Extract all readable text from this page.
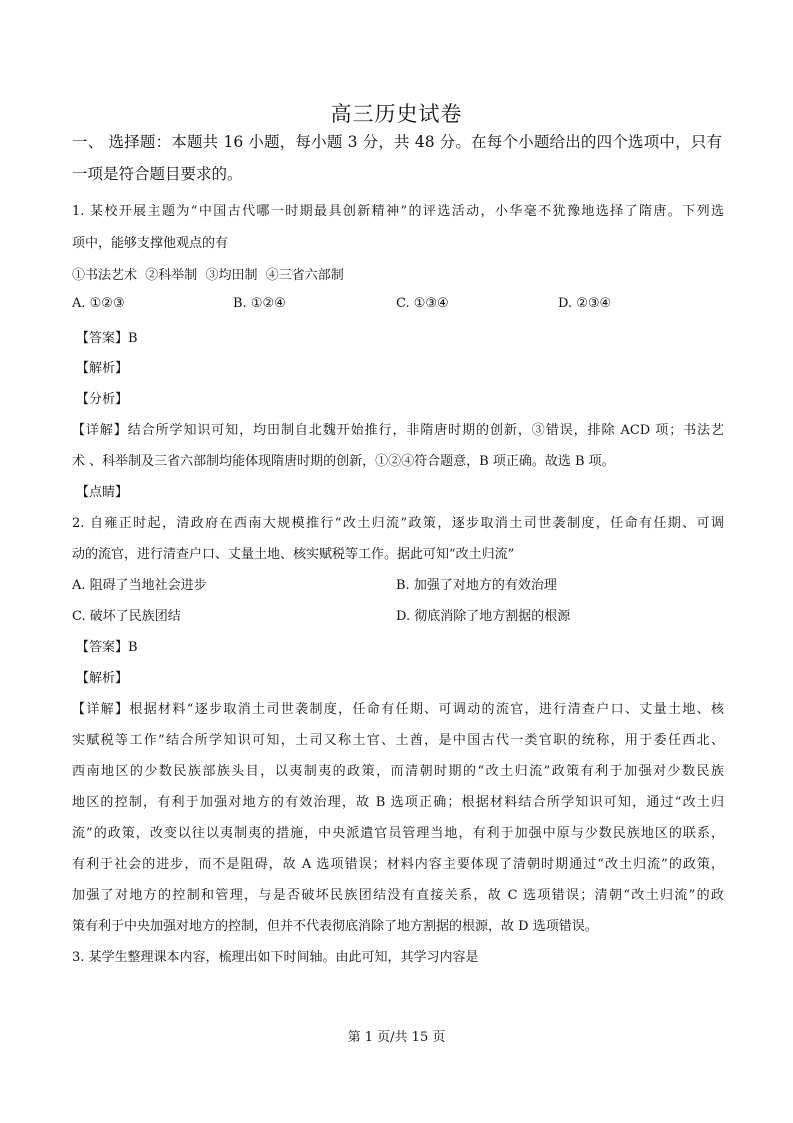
高三历史试卷
一、 选择题：本题共 16 小题，每小题 3 分，共 48 分。在每个小题给出的四个选项中，只有
一项是符合题目要求的。
1. 某校开展主题为“中国古代哪一时期最具创新精神”的评选活动，小华毫不犹豫地选择了隋唐。下列选
项中，能够支撑他观点的有
①书法艺术  ②科举制  ③均田制  ④三省六部制
A. ①②③	B. ①②④	C. ①③④	D. ②③④
【答案】B
【解析】
【分析】
【详解】结合所学知识可知，均田制自北魏开始推行，非隋唐时期的创新，③错误，排除 ACD 项；书法艺
术 、科举制及三省六部制均能体现隋唐时期的创新，①②④符合题意，B 项正确。故选 B 项。
【点睛】
2. 自雍正时起，清政府在西南大规模推行“改土归流”政策，逐步取消土司世袭制度，任命有任期、可调
动的流官，进行清查户口、丈量土地、核实赋税等工作。据此可知“改土归流”
A. 阻碍了当地社会进步	B. 加强了对地方的有效治理
C. 破坏了民族团结	D. 彻底消除了地方割据的根源
【答案】B
【解析】
【详解】根据材料“逐步取消土司世袭制度，任命有任期、可调动的流官，进行清查户口、丈量土地、核
实赋税等工作”结合所学知识可知，土司又称土官、土酋，是中国古代一类官职的统称，用于委任西北、
西南地区的少数民族部族头目，以夷制夷的政策，而清朝时期的“改土归流”政策有利于加强对少数民族
地区的控制，有利于加强对地方的有效治理，故 B 选项正确；根据材料结合所学知识可知，通过“改土归
流”的政策，改变以往以夷制夷的措施，中央派遣官员管理当地，有利于加强中原与少数民族地区的联系，
有利于社会的进步，而不是阻碍，故 A 选项错误；材料内容主要体现了清朝时期通过“改土归流”的政策，
加强了对地方的控制和管理，与是否破坏民族团结没有直接关系，故 C 选项错误；清朝“改土归流”的政
策有利于中央加强对地方的控制，但并不代表彻底消除了地方割据的根源，故 D 选项错误。
3. 某学生整理课本内容，梳理出如下时间轴。由此可知，其学习内容是
第 1 页/共 15 页
